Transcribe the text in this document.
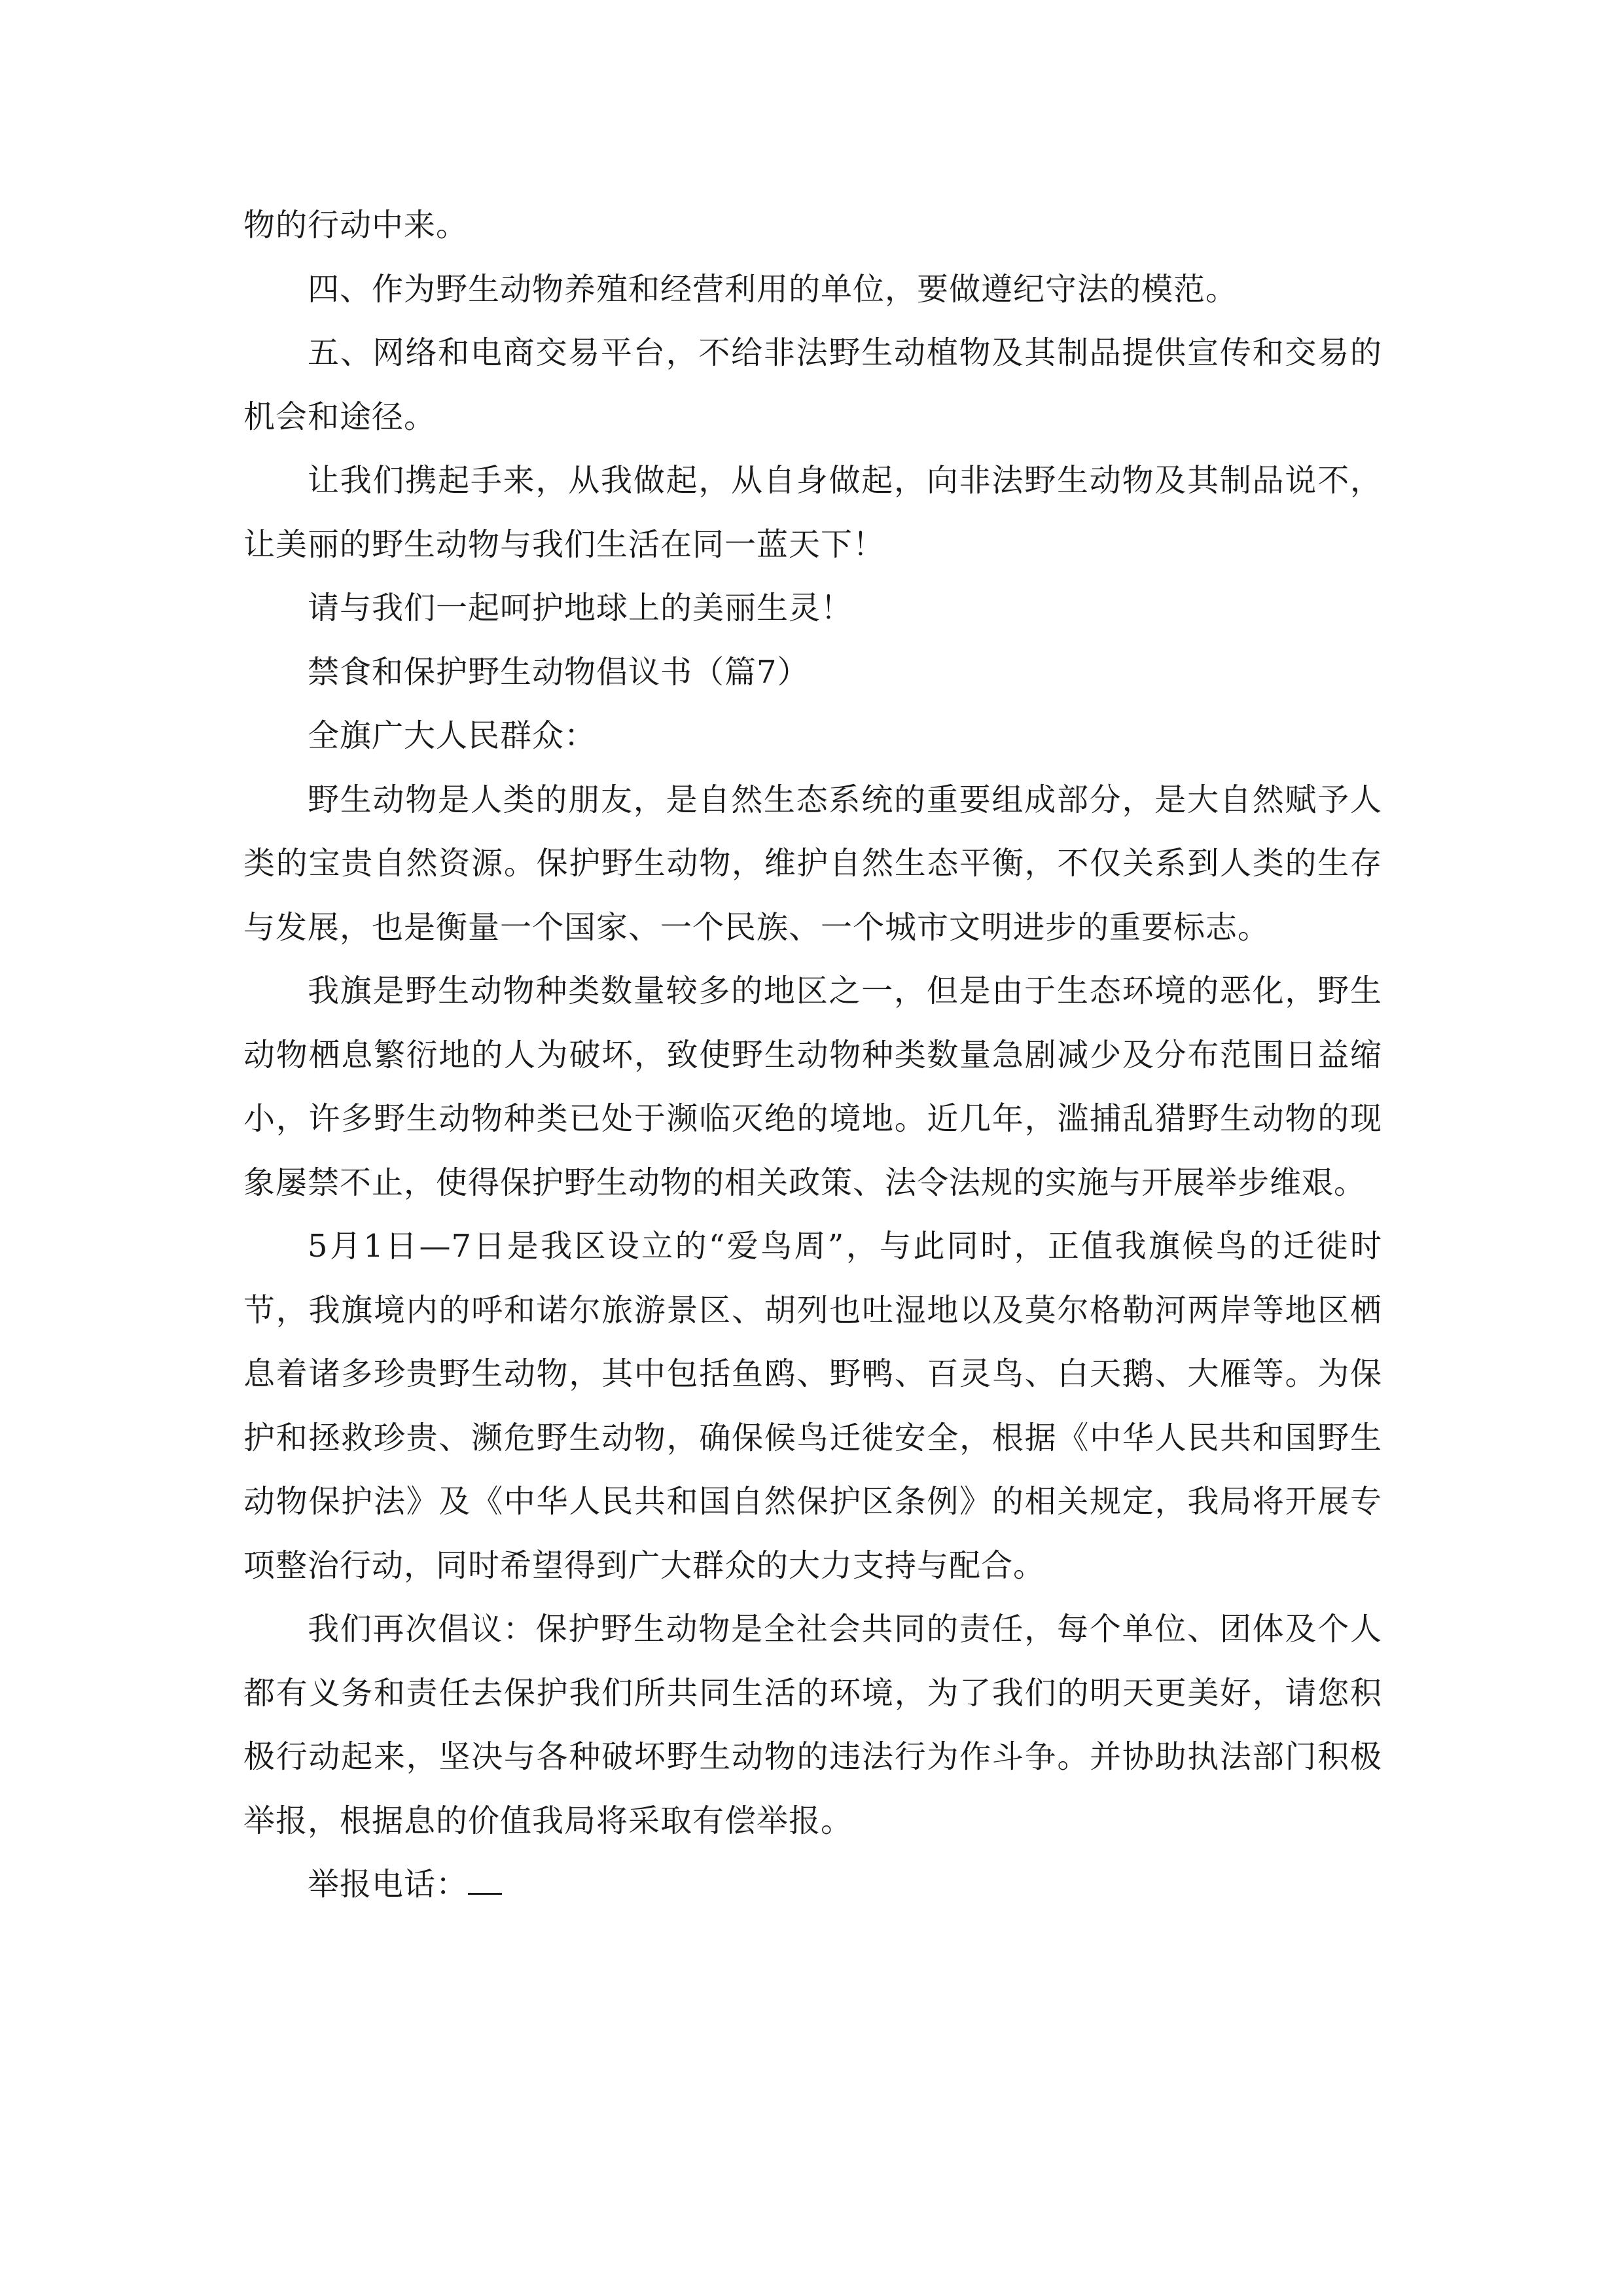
物的行动中来。

四、作为野生动物养殖和经营利用的单位，要做遵纪守法的模范。

五、网络和电商交易平台，不给非法野生动植物及其制品提供宣传和交易的机会和途径。

让我们携起手来，从我做起，从自身做起，向非法野生动物及其制品说不，让美丽的野生动物与我们生活在同一蓝天下！

请与我们一起呵护地球上的美丽生灵！

禁食和保护野生动物倡议书（篇7）

全旗广大人民群众：

野生动物是人类的朋友，是自然生态系统的重要组成部分，是大自然赋予人类的宝贵自然资源。保护野生动物，维护自然生态平衡，不仅关系到人类的生存与发展，也是衡量一个国家、一个民族、一个城市文明进步的重要标志。

我旗是野生动物种类数量较多的地区之一，但是由于生态环境的恶化，野生动物栖息繁衍地的人为破坏，致使野生动物种类数量急剧减少及分布范围日益缩小，许多野生动物种类已处于濒临灭绝的境地。近几年，滥捕乱猎野生动物的现象屡禁不止，使得保护野生动物的相关政策、法令法规的实施与开展举步维艰。

5月1日—7日是我区设立的“爱鸟周”，与此同时，正值我旗候鸟的迁徙时节，我旗境内的呼和诺尔旅游景区、胡列也吐湿地以及莫尔格勒河两岸等地区栖息着诸多珍贵野生动物，其中包括鱼鸥、野鸭、百灵鸟、白天鹅、大雁等。为保护和拯救珍贵、濒危野生动物，确保候鸟迁徙安全，根据《中华人民共和国野生动物保护法》及《中华人民共和国自然保护区条例》的相关规定，我局将开展专项整治行动，同时希望得到广大群众的大力支持与配合。

我们再次倡议：保护野生动物是全社会共同的责任，每个单位、团体及个人都有义务和责任去保护我们所共同生活的环境，为了我们的明天更美好，请您积极行动起来，坚决与各种破坏野生动物的违法行为作斗争。并协助执法部门积极举报，根据息的价值我局将采取有偿举报。

举报电话：
